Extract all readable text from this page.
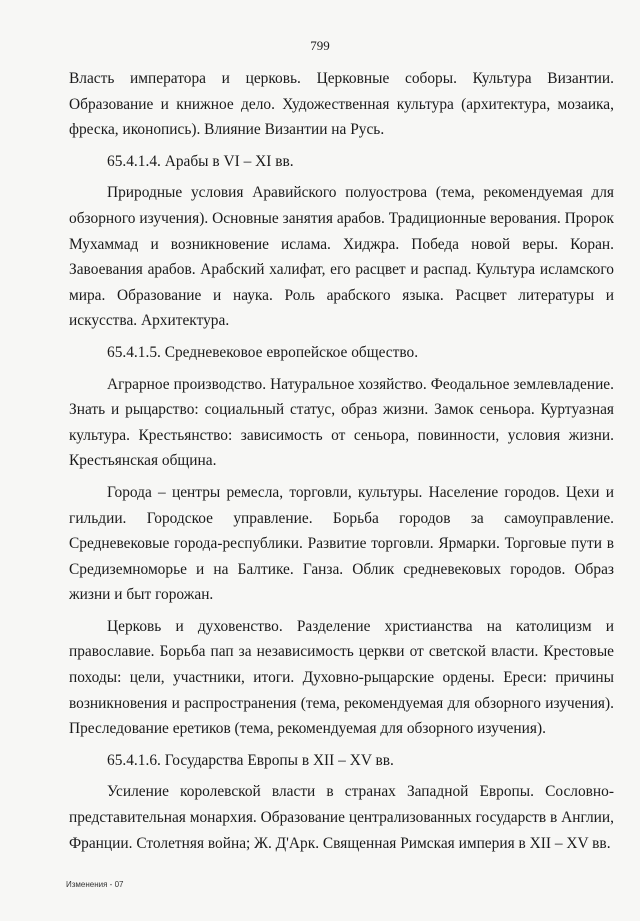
799

Власть императора и церковь. Церковные соборы. Культура Византии. Образование и книжное дело. Художественная культура (архитектура, мозаика, фреска, иконопись). Влияние Византии на Русь.

65.4.1.4. Арабы в VI – XI вв.

Природные условия Аравийского полуострова (тема, рекомендуемая для обзорного изучения). Основные занятия арабов. Традиционные верования. Пророк Мухаммад и возникновение ислама. Хиджра. Победа новой веры. Коран. Завоевания арабов. Арабский халифат, его расцвет и распад. Культура исламского мира. Образование и наука. Роль арабского языка. Расцвет литературы и искусства. Архитектура.

65.4.1.5. Средневековое европейское общество.

Аграрное производство. Натуральное хозяйство. Феодальное землевладение. Знать и рыцарство: социальный статус, образ жизни. Замок сеньора. Куртуазная культура. Крестьянство: зависимость от сеньора, повинности, условия жизни. Крестьянская община.

Города – центры ремесла, торговли, культуры. Население городов. Цехи и гильдии. Городское управление. Борьба городов за самоуправление. Средневековые города-республики. Развитие торговли. Ярмарки. Торговые пути в Средиземноморье и на Балтике. Ганза. Облик средневековых городов. Образ жизни и быт горожан.

Церковь и духовенство. Разделение христианства на католицизм и православие. Борьба пап за независимость церкви от светской власти. Крестовые походы: цели, участники, итоги. Духовно-рыцарские ордены. Ереси: причины возникновения и распространения (тема, рекомендуемая для обзорного изучения). Преследование еретиков (тема, рекомендуемая для обзорного изучения).

65.4.1.6. Государства Европы в XII – XV вв.

Усиление королевской власти в странах Западной Европы. Сословно-представительная монархия. Образование централизованных государств в Англии, Франции. Столетняя война; Ж. Д'Арк. Священная Римская империя в XII – XV вв.

Изменения - 07
